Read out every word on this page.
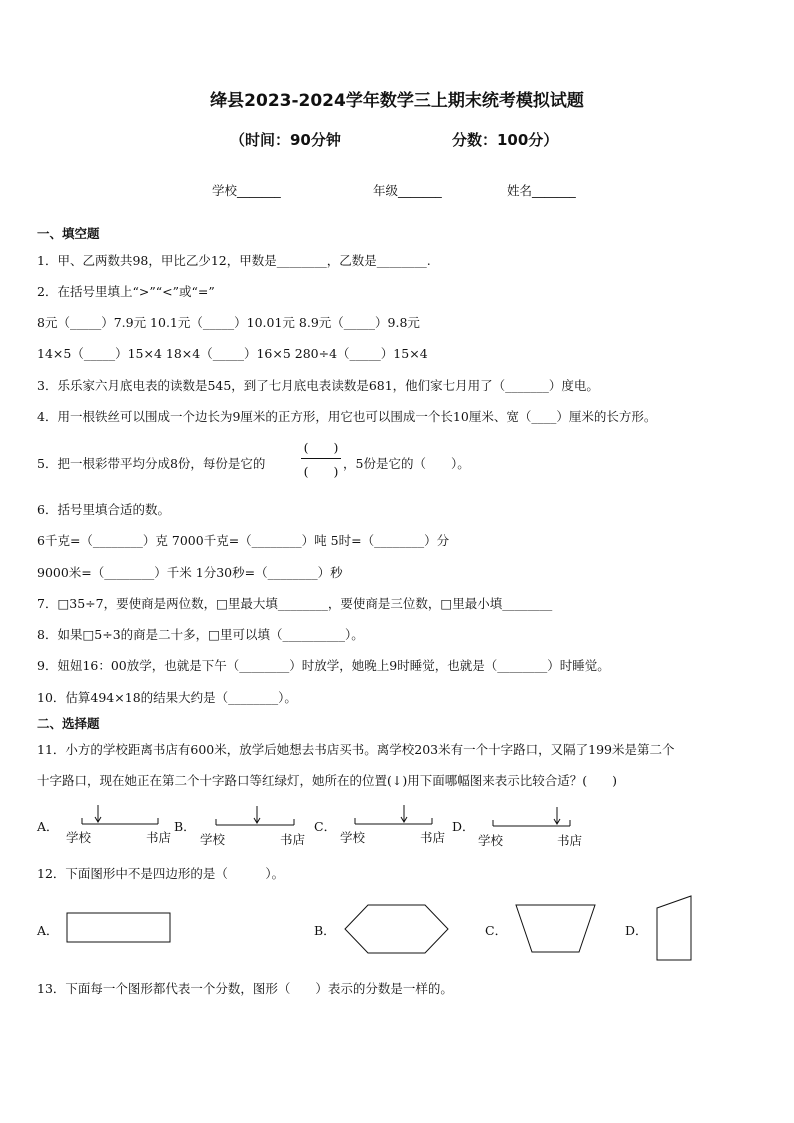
绛县2023-2024学年数学三上期末统考模拟试题
（时间：90分钟	分数：100分）
学校_______	年级_______	姓名_______
一、填空题
1．甲、乙两数共98，甲比乙少12，甲数是________，乙数是________.
2．在括号里填上“>”“<”或“=”
8元（_____）7.9元 10.1元（_____）10.01元 8.9元（_____）9.8元
14×5（_____）15×4 18×4（_____）16×5 280÷4（_____）15×4
3．乐乐家六月底电表的读数是545，到了七月底电表读数是681，他们家七月用了（_______）度电。
4．用一根铁丝可以围成一个边长为9厘米的正方形，用它也可以围成一个长10厘米、宽（____）厘米的长方形。
5．把一根彩带平均分成8份，每份是它的
(　　)
(　　)
，5份是它的（　　）。
6．括号里填合适的数。
6千克=（________）克 7000千克=（________）吨 5时=（________）分
9000米=（________）千米 1分30秒=（________）秒
7．□35÷7，要使商是两位数，□里最大填________，要使商是三位数，□里最小填________
8．如果□5÷3的商是二十多，□里可以填（__________）。
9．妞妞16：00放学，也就是下午（________）时放学，她晚上9时睡觉，也就是（________）时睡觉。
10．估算494×18的结果大约是（________）。
二、选择题
11．小方的学校距离书店有600米，放学后她想去书店买书。离学校203米有一个十字路口，又隔了199米是第二个
十字路口，现在她正在第二个十字路口等红绿灯，她所在的位置(↓)用下面哪幅图来表示比较合适？(　　)
A．
学校	书店
B．
学校	书店
C．
学校	书店
D．
学校	书店
12．下面图形中不是四边形的是（　　　）。
A．	B．	C．	D．
13．下面每一个图形都代表一个分数，图形（　　）表示的分数是一样的。
